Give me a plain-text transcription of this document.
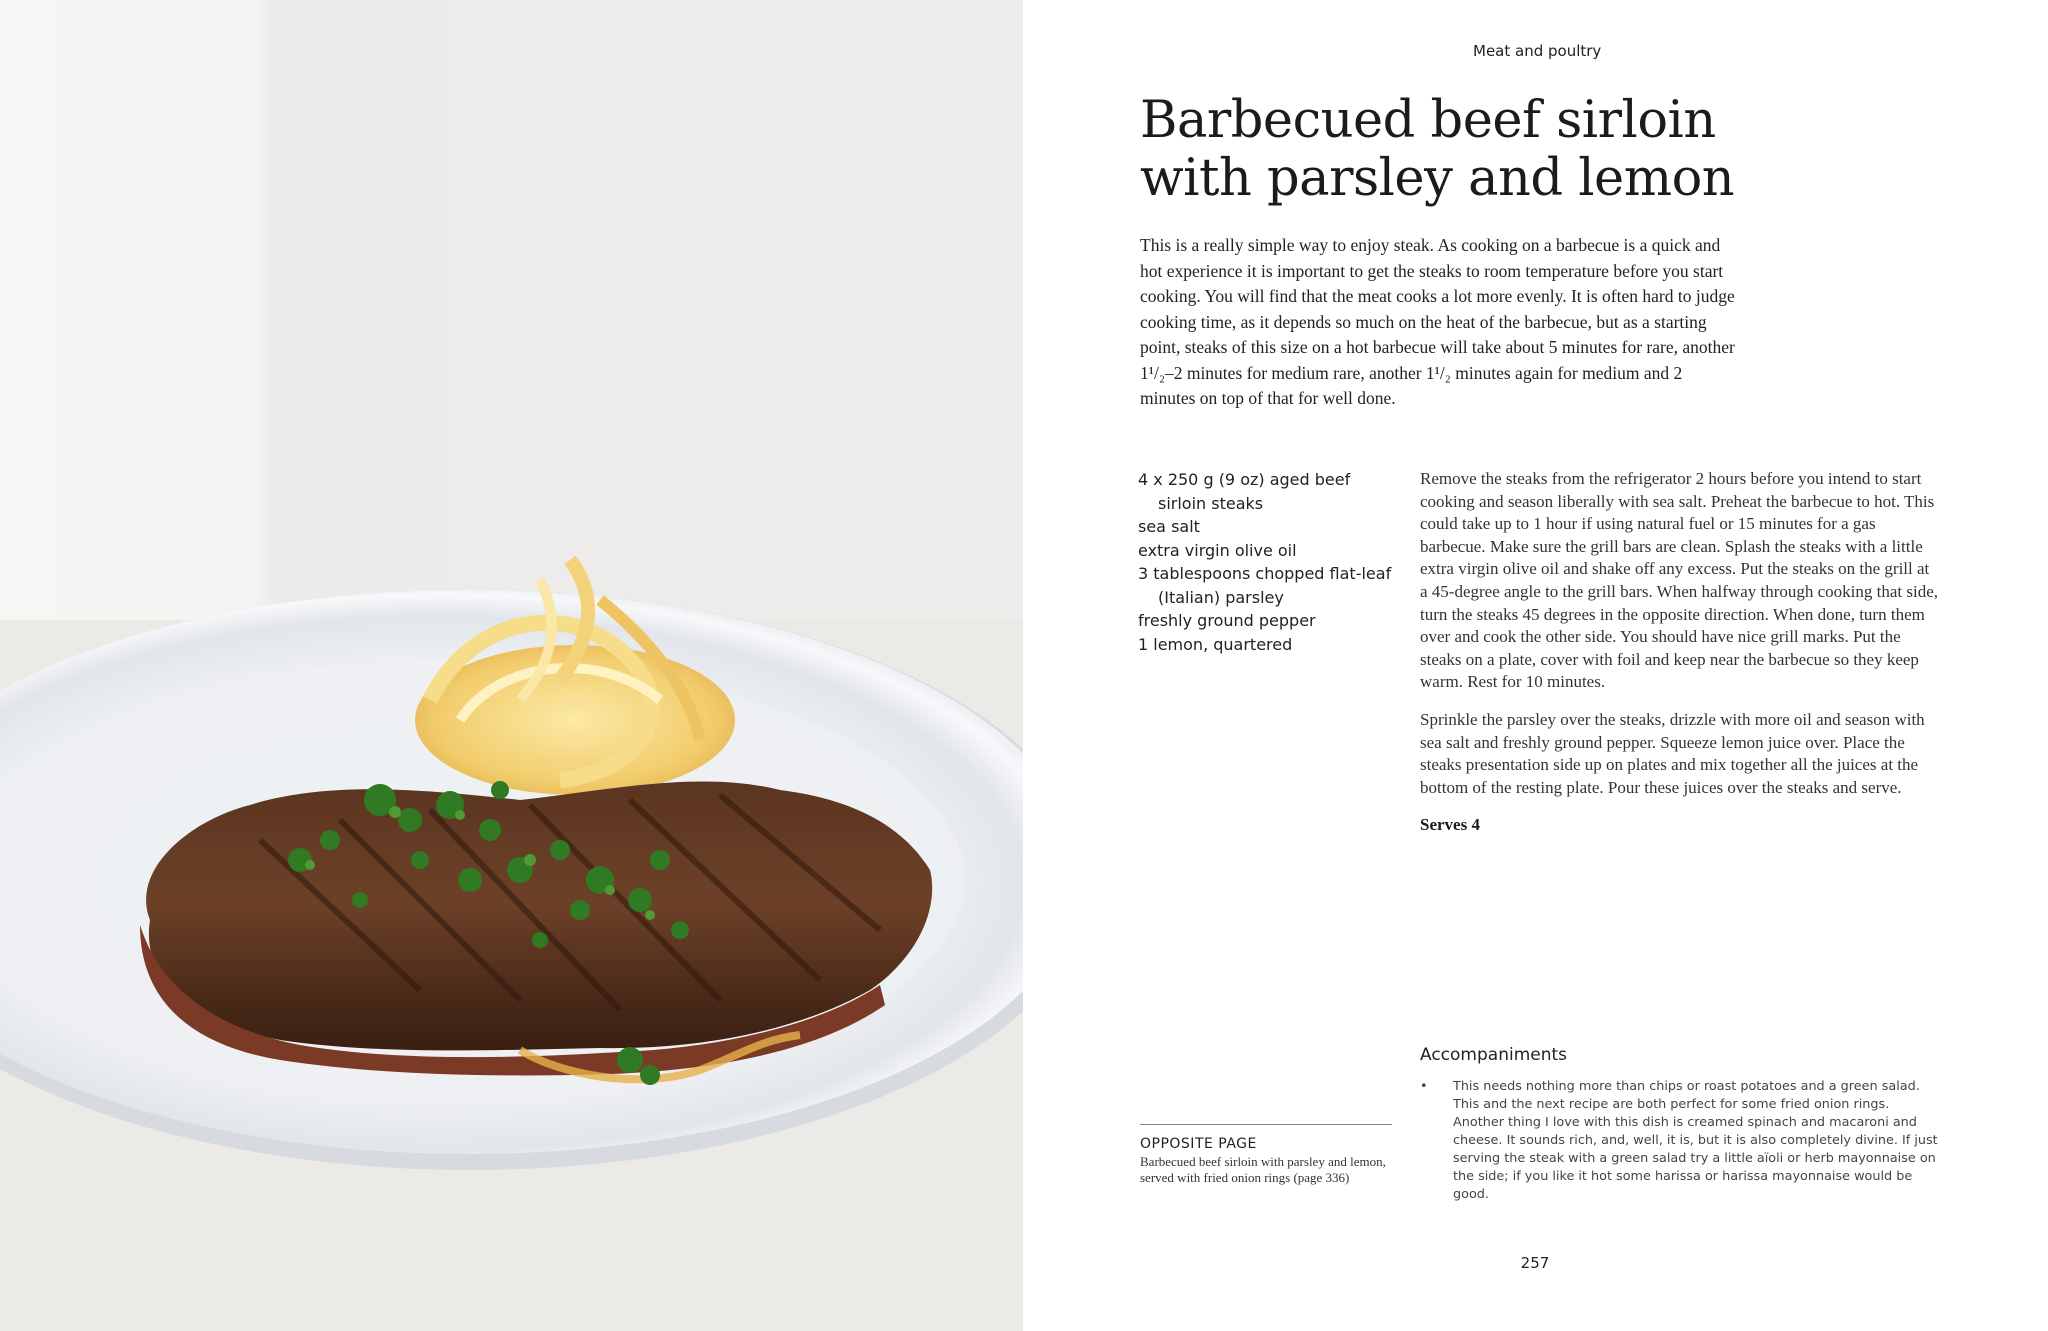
Meat and poultry
Barbecued beef sirloin
with parsley and lemon

This is a really simple way to enjoy steak. As cooking on a barbecue is a quick and hot experience it is important to get the steaks to room temperature before you start cooking. You will find that the meat cooks a lot more evenly. It is often hard to judge cooking time, as it depends so much on the heat of the barbecue, but as a starting point, steaks of this size on a hot barbecue will take about 5 minutes for rare, another 1¹/₂–2 minutes for medium rare, another 1¹/₂ minutes again for medium and 2 minutes on top of that for well done.

4 x 250 g (9 oz) aged beef sirloin steaks
sea salt
extra virgin olive oil
3 tablespoons chopped flat-leaf (Italian) parsley
freshly ground pepper
1 lemon, quartered

Remove the steaks from the refrigerator 2 hours before you intend to start cooking and season liberally with sea salt. Preheat the barbecue to hot. This could take up to 1 hour if using natural fuel or 15 minutes for a gas barbecue. Make sure the grill bars are clean. Splash the steaks with a little extra virgin olive oil and shake off any excess. Put the steaks on the grill at a 45-degree angle to the grill bars. When halfway through cooking that side, turn the steaks 45 degrees in the opposite direction. When done, turn them over and cook the other side. You should have nice grill marks. Put the steaks on a plate, cover with foil and keep near the barbecue so they keep warm. Rest for 10 minutes.

Sprinkle the parsley over the steaks, drizzle with more oil and season with sea salt and freshly ground pepper. Squeeze lemon juice over. Place the steaks presentation side up on plates and mix together all the juices at the bottom of the resting plate. Pour these juices over the steaks and serve.

Serves 4

Accompaniments
• This needs nothing more than chips or roast potatoes and a green salad. This and the next recipe are both perfect for some fried onion rings. Another thing I love with this dish is creamed spinach and macaroni and cheese. It sounds rich, and, well, it is, but it is also completely divine. If just serving the steak with a green salad try a little aïoli or herb mayonnaise on the side; if you like it hot some harissa or harissa mayonnaise would be good.

OPPOSITE PAGE

Barbecued beef sirloin with parsley and lemon, served with fried onion rings (page 336)

257
